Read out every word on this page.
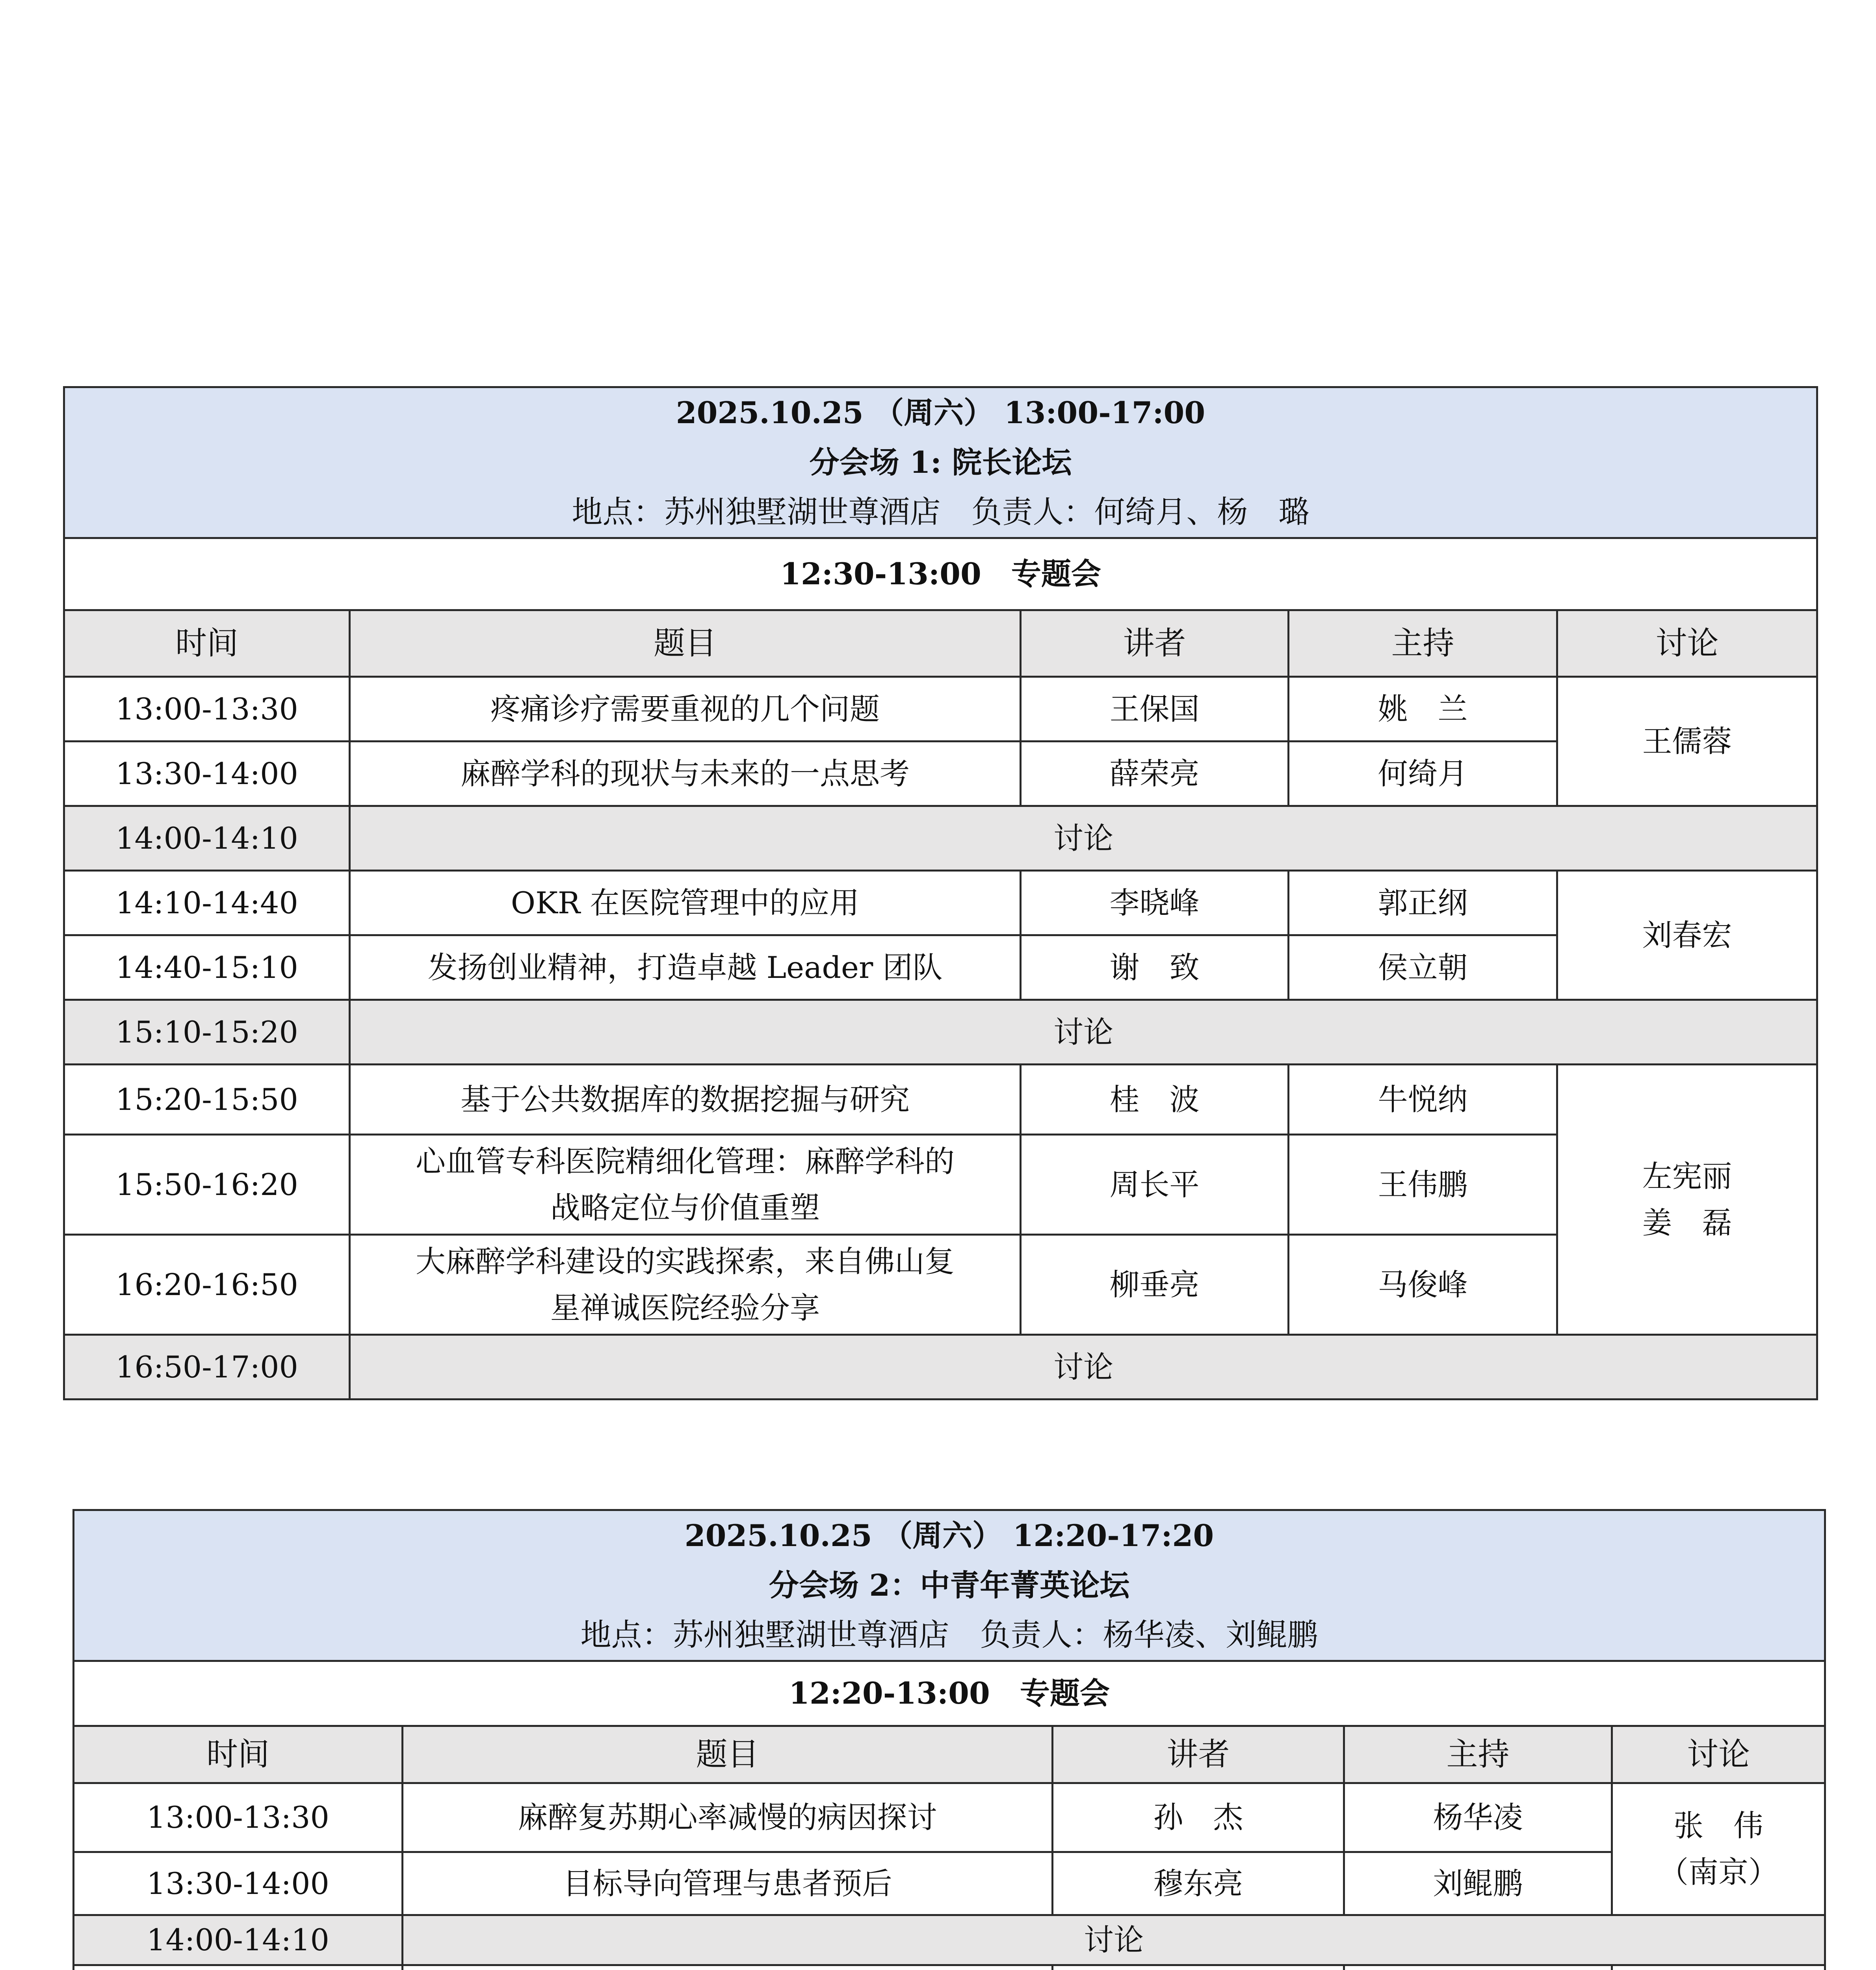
2025.10.25 （周六） 13:00-17:00
分会场 1: 院长论坛
地点：苏州独墅湖世尊酒店　负责人：何绮月、杨　璐				

12:30-13:00　专题会				
时间	题目	讲者	主持	讨论
13:00-13:30	疼痛诊疗需要重视的几个问题	王保国	姚　兰	王儒蓉

13:30-14:00	麻醉学科的现状与未来的一点思考	薛荣亮	何绮月	
14:00-14:10	讨论			
14:10-14:40	OKR 在医院管理中的应用	李晓峰	郭正纲	刘春宏

14:40-15:10	发扬创业精神，打造卓越 Leader 团队	谢　致	侯立朝	
15:10-15:20	讨论			
15:20-15:50	基于公共数据库的数据挖掘与研究	桂　波	牛悦纳	左宪丽
姜　磊

15:50-16:20	心血管专科医院精细化管理：麻醉学科的
战略定位与价值重塑	周长平	王伟鹏	
16:20-16:50	大麻醉学科建设的实践探索，来自佛山复
星禅诚医院经验分享	柳垂亮	马俊峰	
16:50-17:00	讨论			
2025.10.25 （周六） 12:20-17:20
分会场 2：中青年菁英论坛
地点：苏州独墅湖世尊酒店　负责人：杨华凌、刘鲲鹏				

12:20-13:00　专题会				
时间	题目	讲者	主持	讨论
13:00-13:30	麻醉复苏期心率减慢的病因探讨	孙　杰	杨华凌	张　伟
（南京）

13:30-14:00	目标导向管理与患者预后	穆东亮	刘鲲鹏	
14:00-14:10	讨论			
